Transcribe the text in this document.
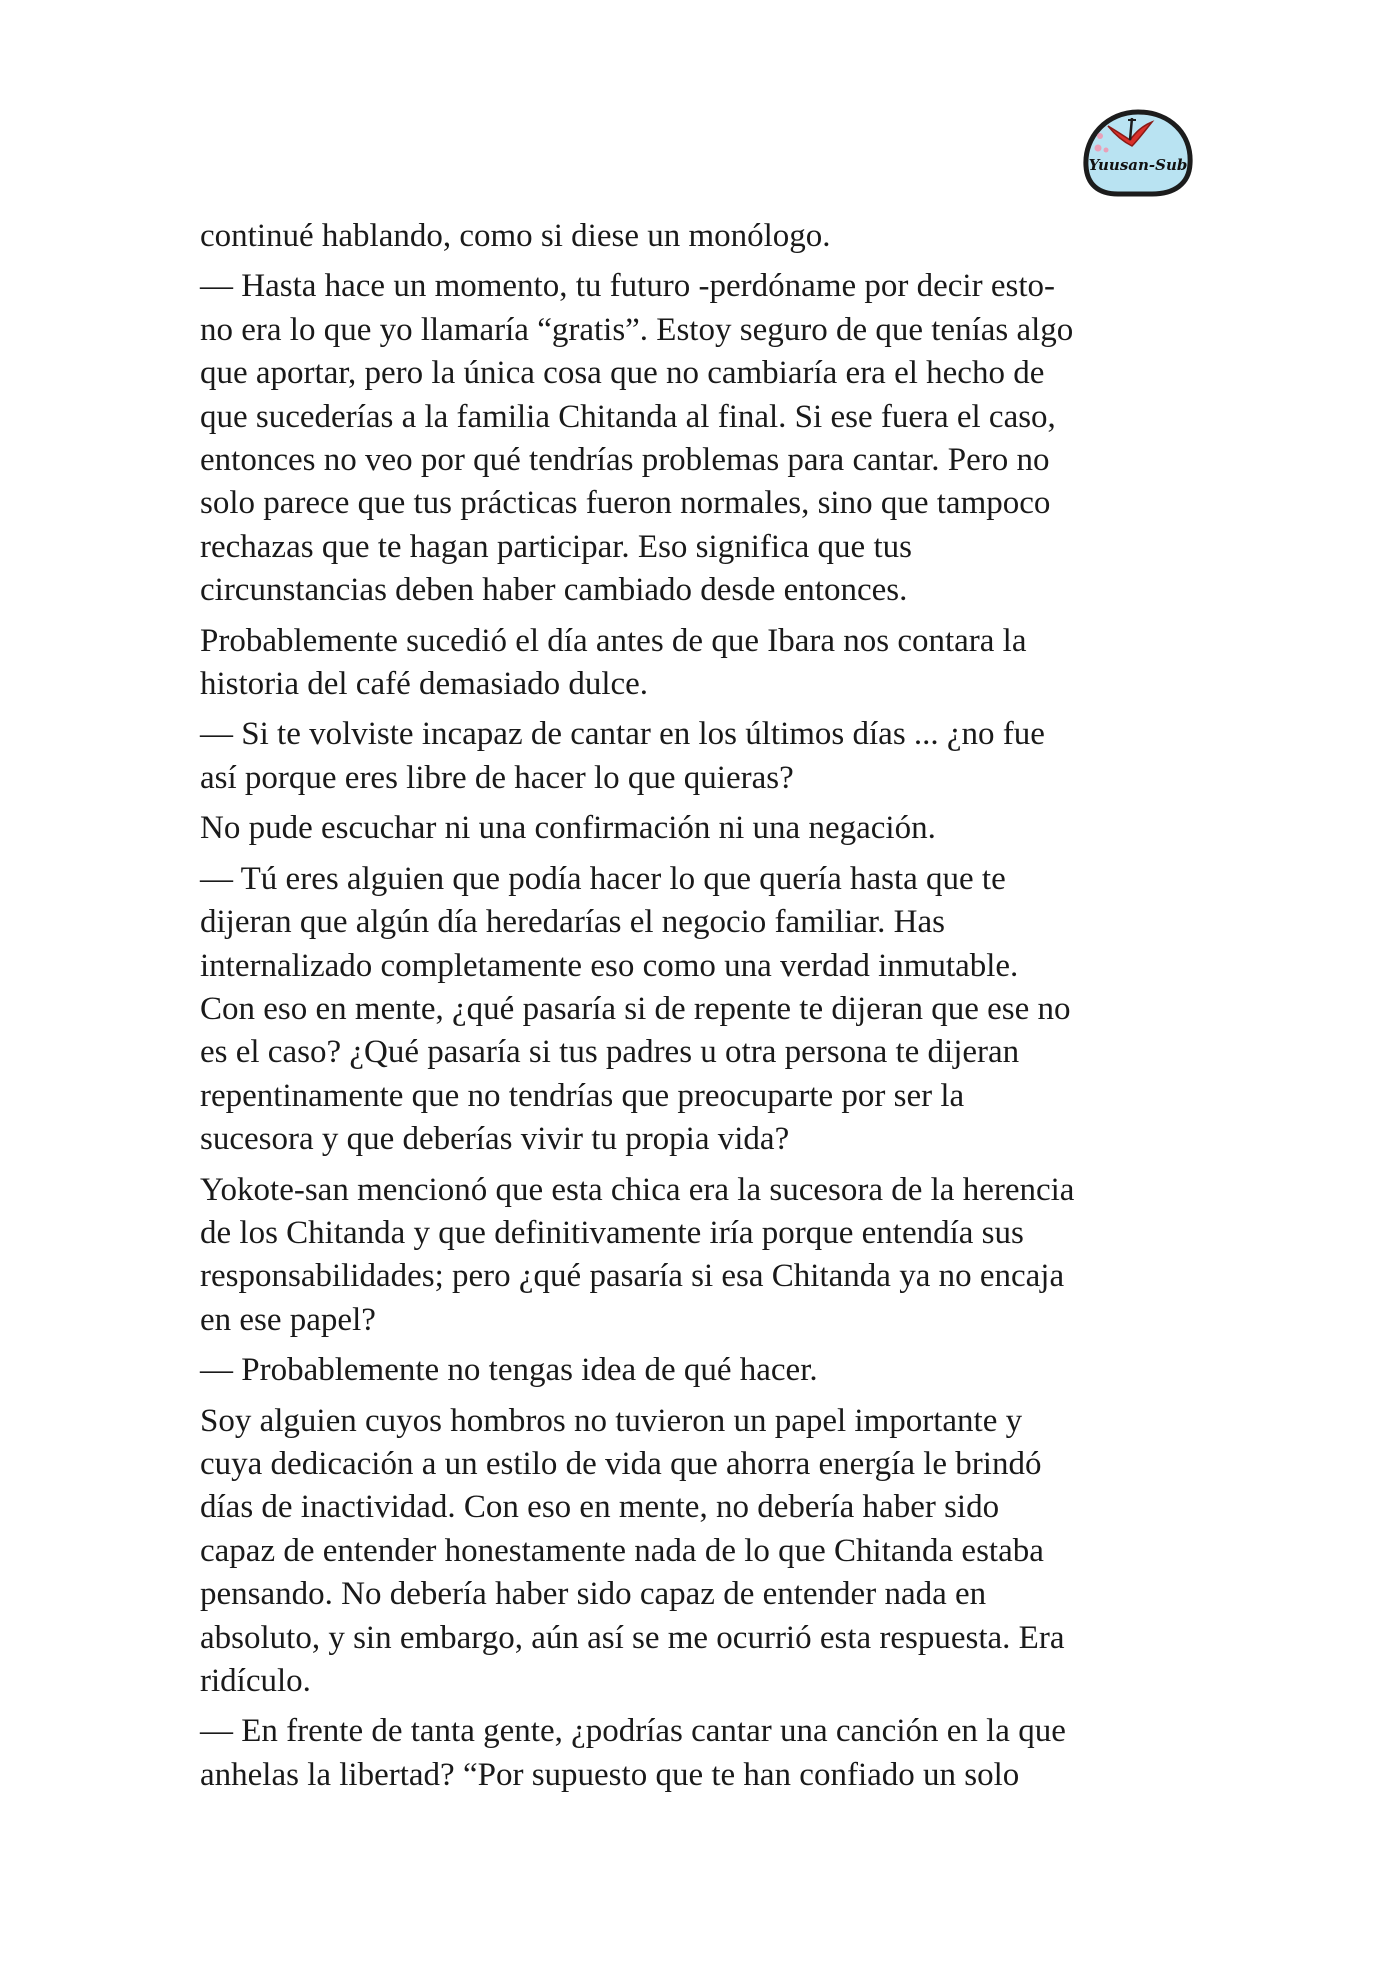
Yuusan-Sub
continué hablando, como si diese un monólogo.
— Hasta hace un momento, tu futuro -perdóname por decir esto-
no era lo que yo llamaría “gratis”. Estoy seguro de que tenías algo
que aportar, pero la única cosa que no cambiaría era el hecho de
que sucederías a la familia Chitanda al final. Si ese fuera el caso,
entonces no veo por qué tendrías problemas para cantar. Pero no
solo parece que tus prácticas fueron normales, sino que tampoco
rechazas que te hagan participar. Eso significa que tus
circunstancias deben haber cambiado desde entonces.
Probablemente sucedió el día antes de que Ibara nos contara la
historia del café demasiado dulce.
— Si te volviste incapaz de cantar en los últimos días ... ¿no fue
así porque eres libre de hacer lo que quieras?
No pude escuchar ni una confirmación ni una negación.
— Tú eres alguien que podía hacer lo que quería hasta que te
dijeran que algún día heredarías el negocio familiar. Has
internalizado completamente eso como una verdad inmutable.
Con eso en mente, ¿qué pasaría si de repente te dijeran que ese no
es el caso? ¿Qué pasaría si tus padres u otra persona te dijeran
repentinamente que no tendrías que preocuparte por ser la
sucesora y que deberías vivir tu propia vida?
Yokote-san mencionó que esta chica era la sucesora de la herencia
de los Chitanda y que definitivamente iría porque entendía sus
responsabilidades; pero ¿qué pasaría si esa Chitanda ya no encaja
en ese papel?
— Probablemente no tengas idea de qué hacer.
Soy alguien cuyos hombros no tuvieron un papel importante y
cuya dedicación a un estilo de vida que ahorra energía le brindó
días de inactividad. Con eso en mente, no debería haber sido
capaz de entender honestamente nada de lo que Chitanda estaba
pensando. No debería haber sido capaz de entender nada en
absoluto, y sin embargo, aún así se me ocurrió esta respuesta. Era
ridículo.
— En frente de tanta gente, ¿podrías cantar una canción en la que
anhelas la libertad? “Por supuesto que te han confiado un solo
